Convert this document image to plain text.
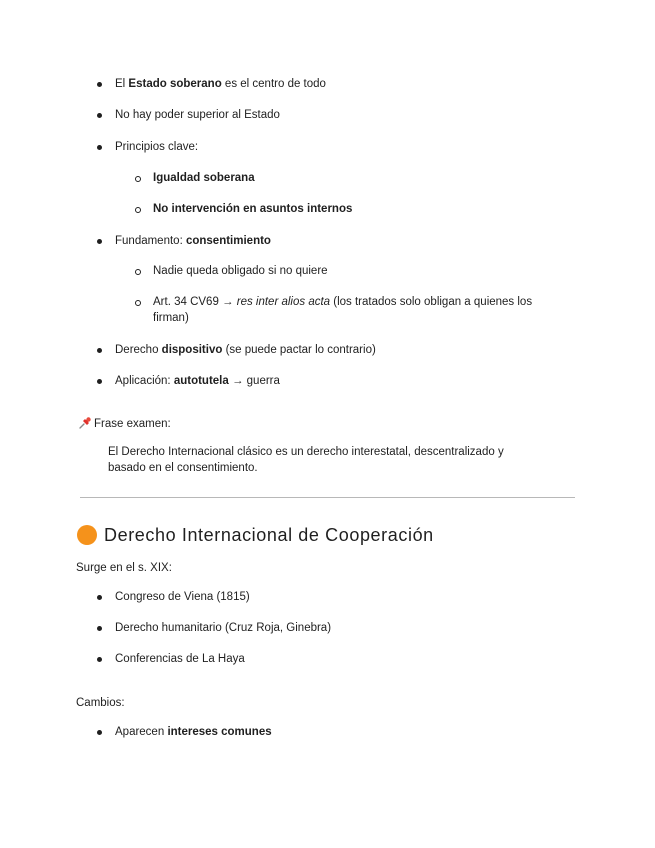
El Estado soberano es el centro de todo
No hay poder superior al Estado
Principios clave:
Igualdad soberana
No intervención en asuntos internos
Fundamento: consentimiento
Nadie queda obligado si no quiere
Art. 34 CV69 → res inter alios acta (los tratados solo obligan a quienes los
firman)
Derecho dispositivo (se puede pactar lo contrario)
Aplicación: autotutela → guerra
Frase examen:
El Derecho Internacional clásico es un derecho interestatal, descentralizado y
basado en el consentimiento.
Derecho Internacional de Cooperación
Surge en el s. XIX:
Congreso de Viena (1815)
Derecho humanitario (Cruz Roja, Ginebra)
Conferencias de La Haya
Cambios:
Aparecen intereses comunes
